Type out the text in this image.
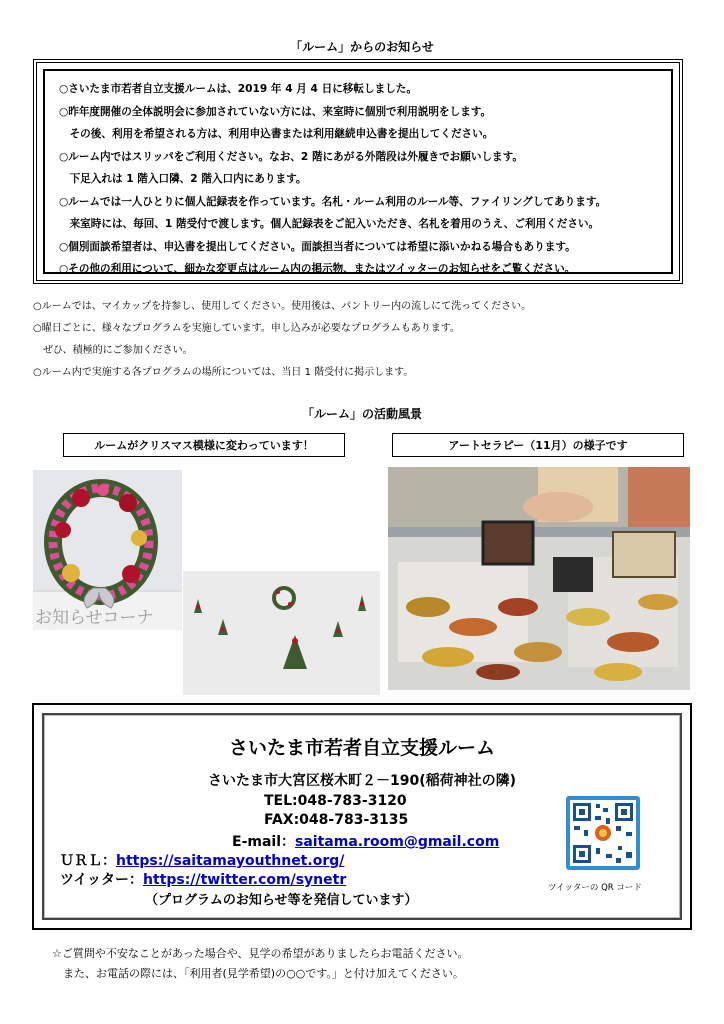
「ルーム」からのお知らせ
○さいたま市若者自立支援ルームは、2019 年 4 月 4 日に移転しました。
○昨年度開催の全体説明会に参加されていない方には、来室時に個別で利用説明をします。
　その後、利用を希望される方は、利用申込書または利用継続申込書を提出してください。
○ルーム内ではスリッパをご利用ください。なお、2 階にあがる外階段は外履きでお願いします。
　下足入れは 1 階入口隣、2 階入口内にあります。
○ルームでは一人ひとりに個人記録表を作っています。名札・ルーム利用のルール等、ファイリングしてあります。
　来室時には、毎回、1 階受付で渡します。個人記録表をご記入いただき、名札を着用のうえ、ご利用ください。
○個別面談希望者は、申込書を提出してください。面談担当者については希望に添いかねる場合もあります。
○その他の利用について、細かな変更点はルーム内の掲示物、またはツイッターのお知らせをご覧ください。
○ルームでは、マイカップを持参し、使用してください。使用後は、パントリー内の流しにて洗ってください。
○曜日ごとに、様々なプログラムを実施しています。申し込みが必要なプログラムもあります。
　ぜひ、積極的にご参加ください。
○ルーム内で実施する各プログラムの場所については、当日 1 階受付に掲示します。
「ルーム」の活動風景
ルームがクリスマス模様に変わっています！	アートセラピー（11月）の様子です
お知らせコーナ
さいたま市若者自立支援ルーム
さいたま市大宮区桜木町２－190(稲荷神社の隣)
TEL:048-783-3120
FAX:048-783-3135
E-mail：saitama.room@gmail.com
ＵＲＬ：https://saitamayouthnet.org/
ツイッター：https://twitter.com/synetr
（プログラムのお知らせ等を発信しています）
ツイッターの QR コード
☆ご質問や不安なことがあった場合や、見学の希望がありましたらお電話ください。
　また、お電話の際には、「利用者(見学希望)の○○です。」と付け加えてください。
